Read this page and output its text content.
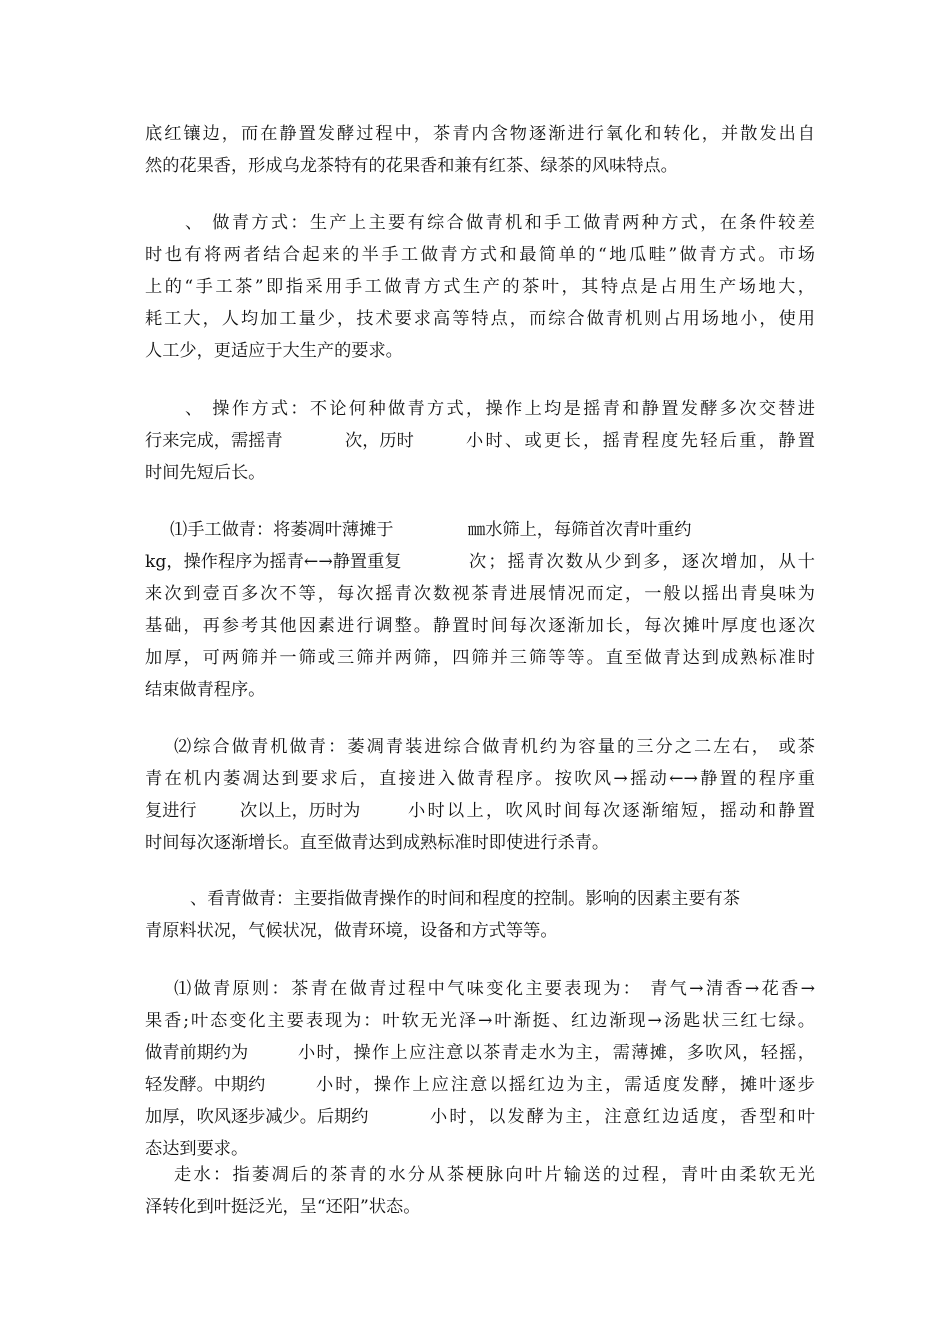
底红镶边，而在静置发酵过程中，茶青内含物逐渐进行氧化和转化，并散发出自
然的花果香，形成乌龙茶特有的花果香和兼有红茶、绿茶的风味特点。
、 做青方式：生产上主要有综合做青机和手工做青两种方式，在条件较差
时也有将两者结合起来的半手工做青方式和最简单的“地瓜畦”做青方式。市场
上的“手工茶”即指采用手工做青方式生产的茶叶，其特点是占用生产场地大，
耗工大，人均加工量少，技术要求高等特点，而综合做青机则占用场地小，使用
人工少，更适应于大生产的要求。
、 操作方式：不论何种做青方式，操作上均是摇青和静置发酵多次交替进
行来完成，需摇青	次，历时	小时、或更长，摇青程度先轻后重，静置
时间先短后长。
⑴手工做青：将萎凋叶薄摊于	㎜水筛上，每筛首次青叶重约
kg，操作程序为摇青←→静置重复	次；摇青次数从少到多，逐次增加，从十
来次到壹百多次不等，每次摇青次数视茶青进展情况而定，一般以摇出青臭味为
基础，再参考其他因素进行调整。静置时间每次逐渐加长，每次摊叶厚度也逐次
加厚，可两筛并一筛或三筛并两筛，四筛并三筛等等。直至做青达到成熟标准时
结束做青程序。
⑵综合做青机做青：萎凋青装进综合做青机约为容量的三分之二左右， 或茶
青在机内萎凋达到要求后，直接进入做青程序。按吹风→摇动←→静置的程序重
复进行	次以上，历时为	小时以上，吹风时间每次逐渐缩短，摇动和静置
时间每次逐渐增长。直至做青达到成熟标准时即使进行杀青。
、看青做青：主要指做青操作的时间和程度的控制。影响的因素主要有茶
青原料状况，气候状况，做青环境，设备和方式等等。
⑴做青原则：茶青在做青过程中气味变化主要表现为： 青气→清香→花香→
果香;叶态变化主要表现为：叶软无光泽→叶渐挺、红边渐现→汤匙状三红七绿。
做青前期约为	小时，操作上应注意以茶青走水为主，需薄摊，多吹风，轻摇，
轻发酵。中期约	小时，操作上应注意以摇红边为主，需适度发酵，摊叶逐步
加厚，吹风逐步减少。后期约	小时，以发酵为主，注意红边适度，香型和叶
态达到要求。
走水：指萎凋后的茶青的水分从茶梗脉向叶片输送的过程，青叶由柔软无光
泽转化到叶挺泛光，呈“还阳”状态。
